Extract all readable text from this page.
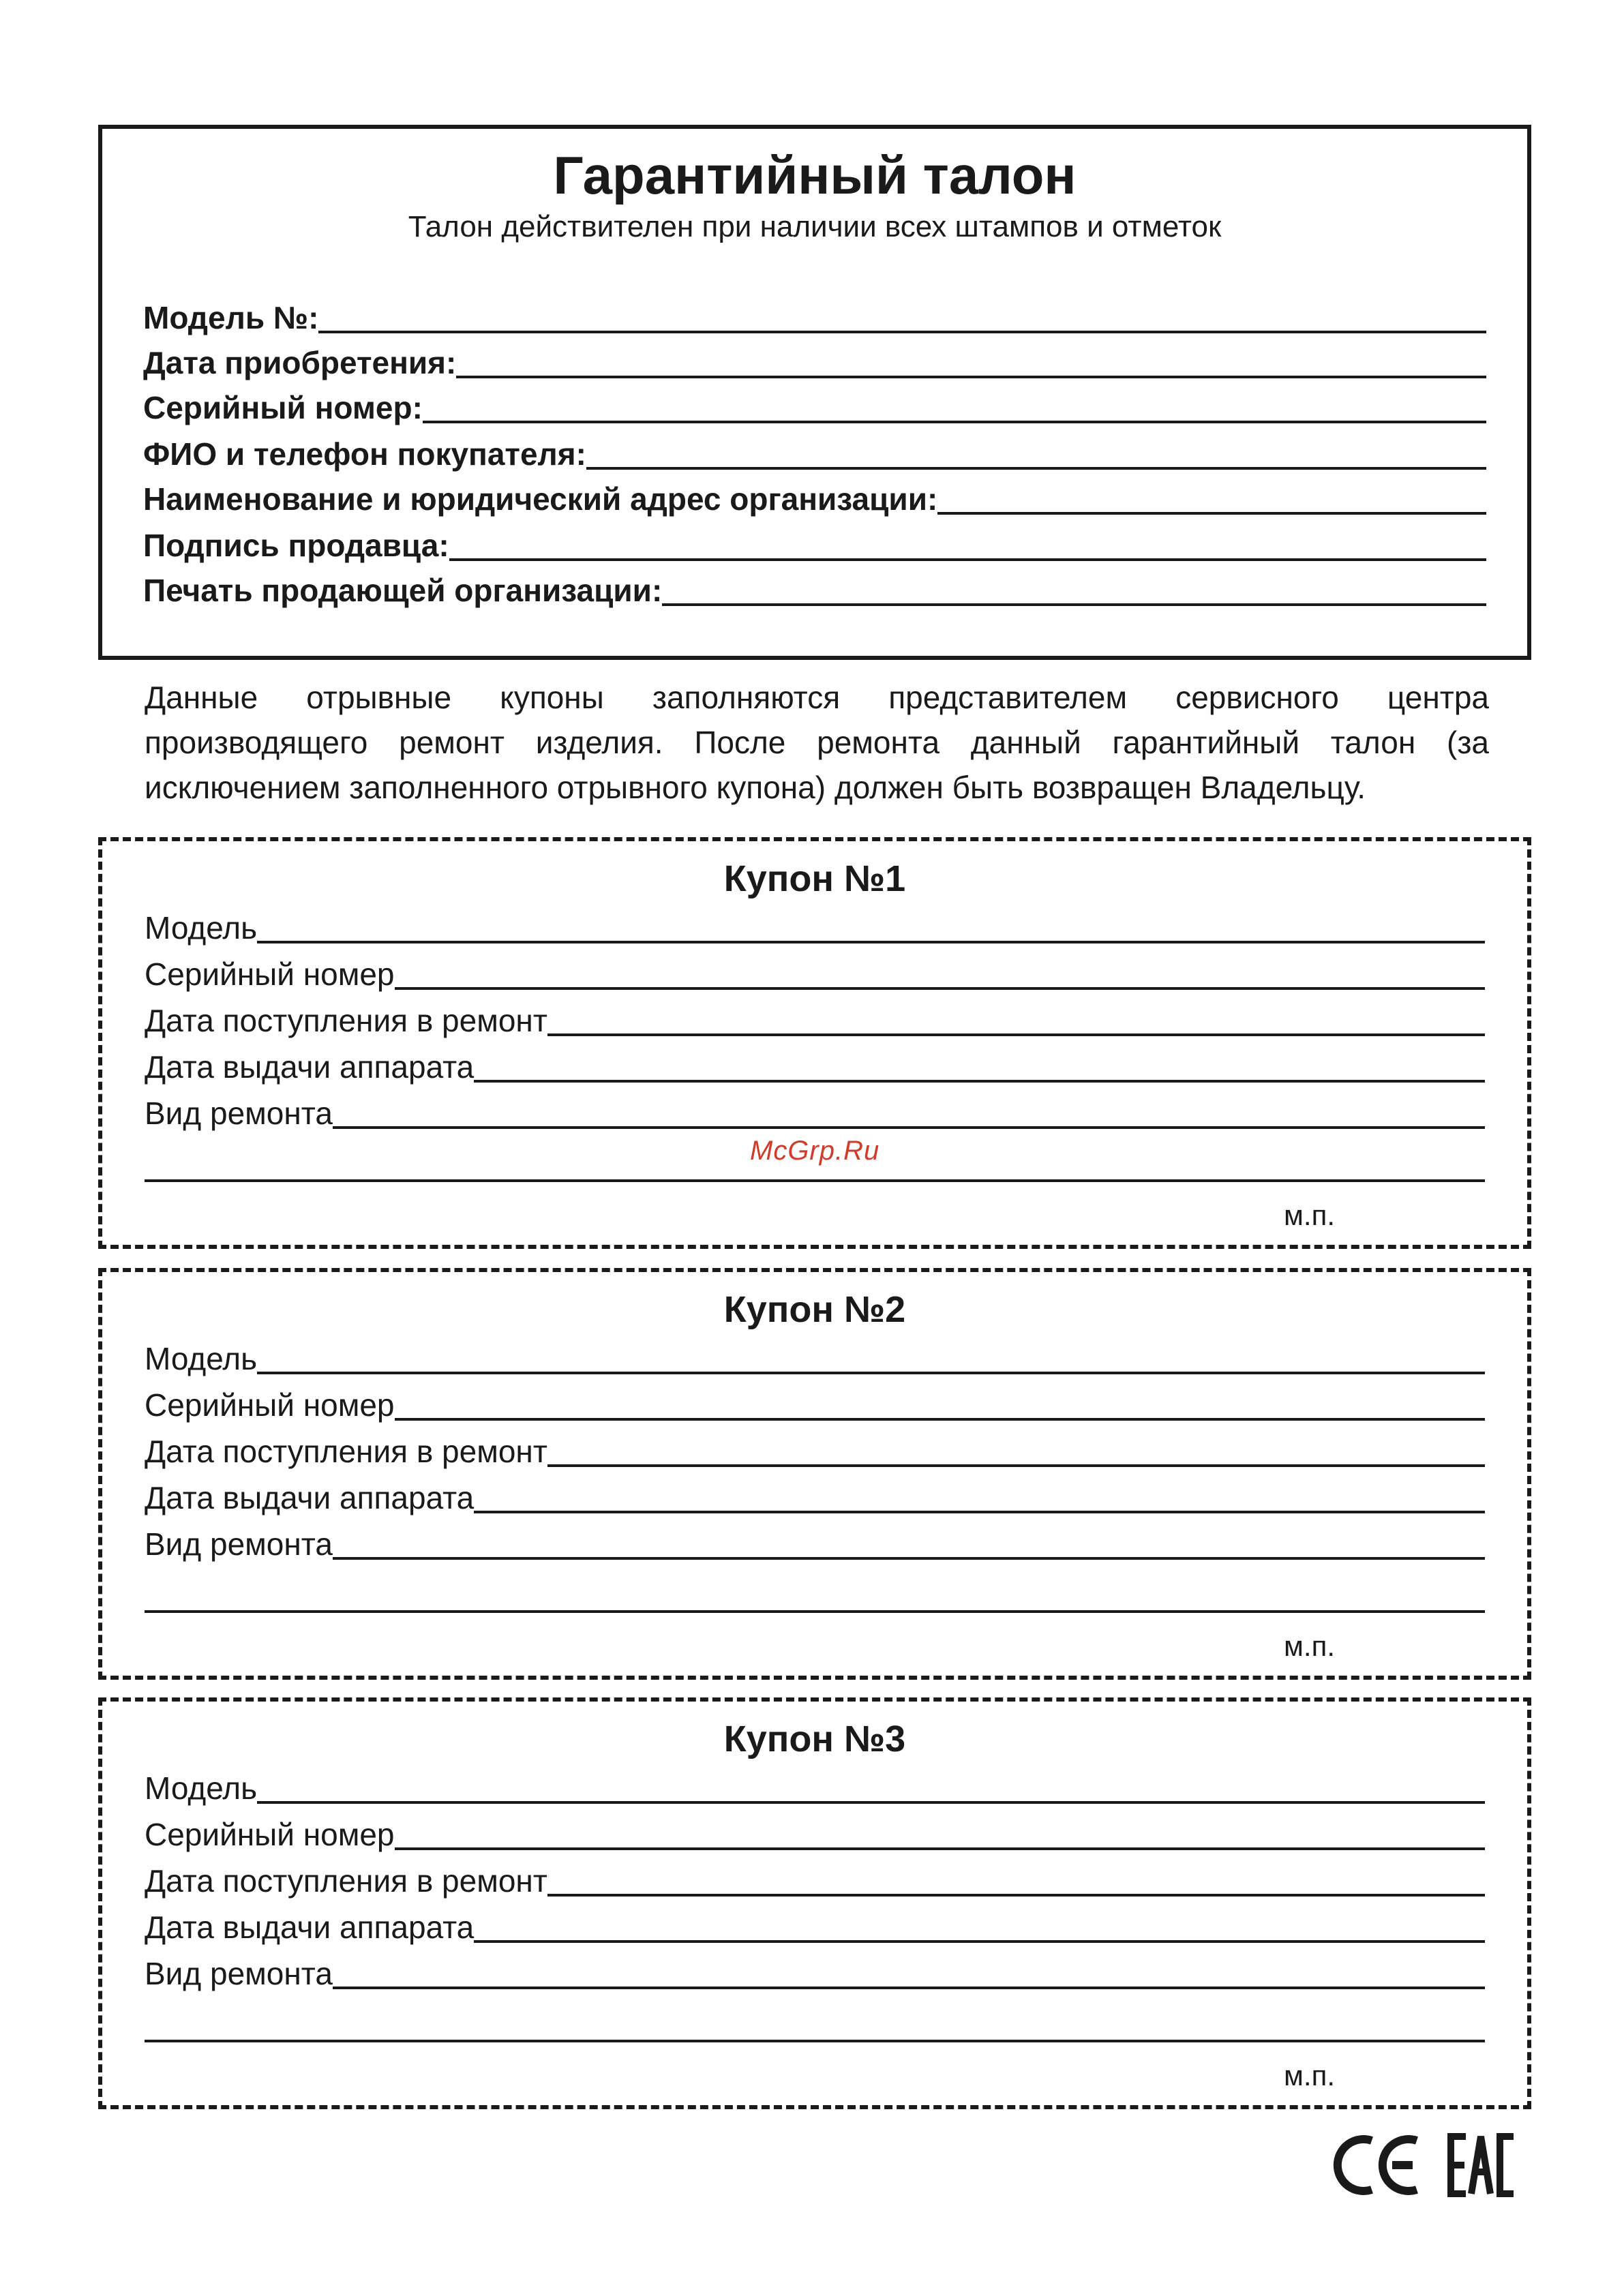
Гарантийный талон
Талон действителен при наличии всех штампов и отметок
Модель №:
Дата приобретения:
Серийный номер:
ФИО и телефон покупателя:
Наименование и юридический адрес организации:
Подпись продавца:
Печать продающей организации:
Данные отрывные купоны заполняются представителем сервисного центра
производящего ремонт изделия. После ремонта данный гарантийный талон (за
исключением заполненного отрывного купона) должен быть возвращен Владельцу.
Купон №1
Модель
Серийный номер
Дата поступления в ремонт
Дата выдачи аппарата
Вид ремонта
м.п.
Купон №2
Модель
Серийный номер
Дата поступления в ремонт
Дата выдачи аппарата
Вид ремонта
м.п.
Купон №3
Модель
Серийный номер
Дата поступления в ремонт
Дата выдачи аппарата
Вид ремонта
м.п.
McGrp.Ru
